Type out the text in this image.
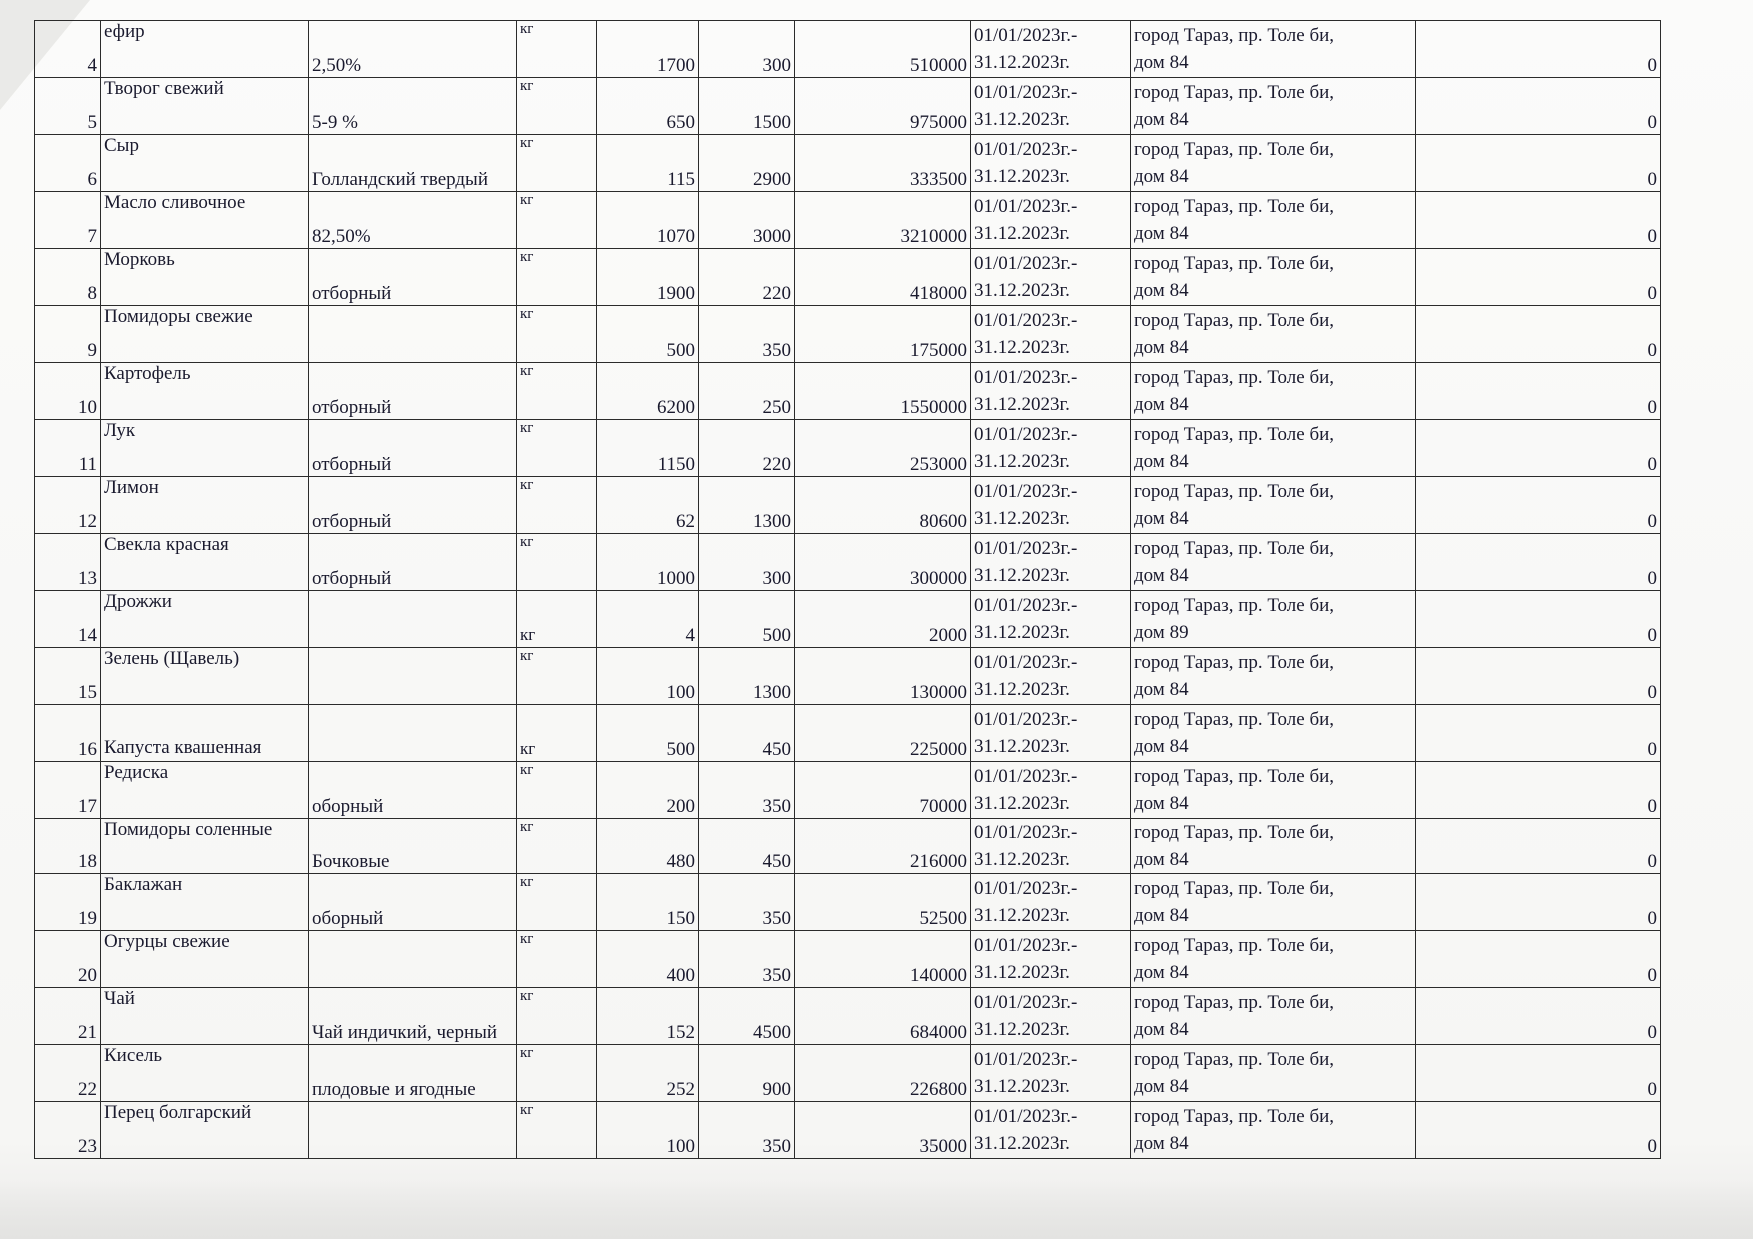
4	ефир	2,50%	кг	1700	300	510000	01/01/2023г.-
31.12.2023г.	город Тараз, пр. Толе би,
дом 84	0
5	Творог свежий	5-9 %	кг	650	1500	975000	01/01/2023г.-
31.12.2023г.	город Тараз, пр. Толе би,
дом 84	0
6	Сыр	Голландский твердый	кг	115	2900	333500	01/01/2023г.-
31.12.2023г.	город Тараз, пр. Толе би,
дом 84	0
7	Масло сливочное	82,50%	кг	1070	3000	3210000	01/01/2023г.-
31.12.2023г.	город Тараз, пр. Толе би,
дом 84	0
8	Морковь	отборный	кг	1900	220	418000	01/01/2023г.-
31.12.2023г.	город Тараз, пр. Толе би,
дом 84	0
9	Помидоры свежие		кг	500	350	175000	01/01/2023г.-
31.12.2023г.	город Тараз, пр. Толе би,
дом 84	0
10	Картофель	отборный	кг	6200	250	1550000	01/01/2023г.-
31.12.2023г.	город Тараз, пр. Толе би,
дом 84	0
11	Лук	отборный	кг	1150	220	253000	01/01/2023г.-
31.12.2023г.	город Тараз, пр. Толе би,
дом 84	0
12	Лимон	отборный	кг	62	1300	80600	01/01/2023г.-
31.12.2023г.	город Тараз, пр. Толе би,
дом 84	0
13	Свекла красная	отборный	кг	1000	300	300000	01/01/2023г.-
31.12.2023г.	город Тараз, пр. Толе би,
дом 84	0
14	Дрожжи		кг	4	500	2000	01/01/2023г.-
31.12.2023г.	город Тараз, пр. Толе би,
дом 89	0
15	Зелень (Щавель)		кг	100	1300	130000	01/01/2023г.-
31.12.2023г.	город Тараз, пр. Толе би,
дом 84	0
16	Капуста квашенная		кг	500	450	225000	01/01/2023г.-
31.12.2023г.	город Тараз, пр. Толе би,
дом 84	0
17	Редиска	оборный	кг	200	350	70000	01/01/2023г.-
31.12.2023г.	город Тараз, пр. Толе би,
дом 84	0
18	Помидоры соленные	Бочковые	кг	480	450	216000	01/01/2023г.-
31.12.2023г.	город Тараз, пр. Толе би,
дом 84	0
19	Баклажан	оборный	кг	150	350	52500	01/01/2023г.-
31.12.2023г.	город Тараз, пр. Толе би,
дом 84	0
20	Огурцы свежие		кг	400	350	140000	01/01/2023г.-
31.12.2023г.	город Тараз, пр. Толе би,
дом 84	0
21	Чай	Чай индичкий, черный	кг	152	4500	684000	01/01/2023г.-
31.12.2023г.	город Тараз, пр. Толе би,
дом 84	0
22	Кисель	плодовые и ягодные	кг	252	900	226800	01/01/2023г.-
31.12.2023г.	город Тараз, пр. Толе би,
дом 84	0
23	Перец болгарский		кг	100	350	35000	01/01/2023г.-
31.12.2023г.	город Тараз, пр. Толе би,
дом 84	0
